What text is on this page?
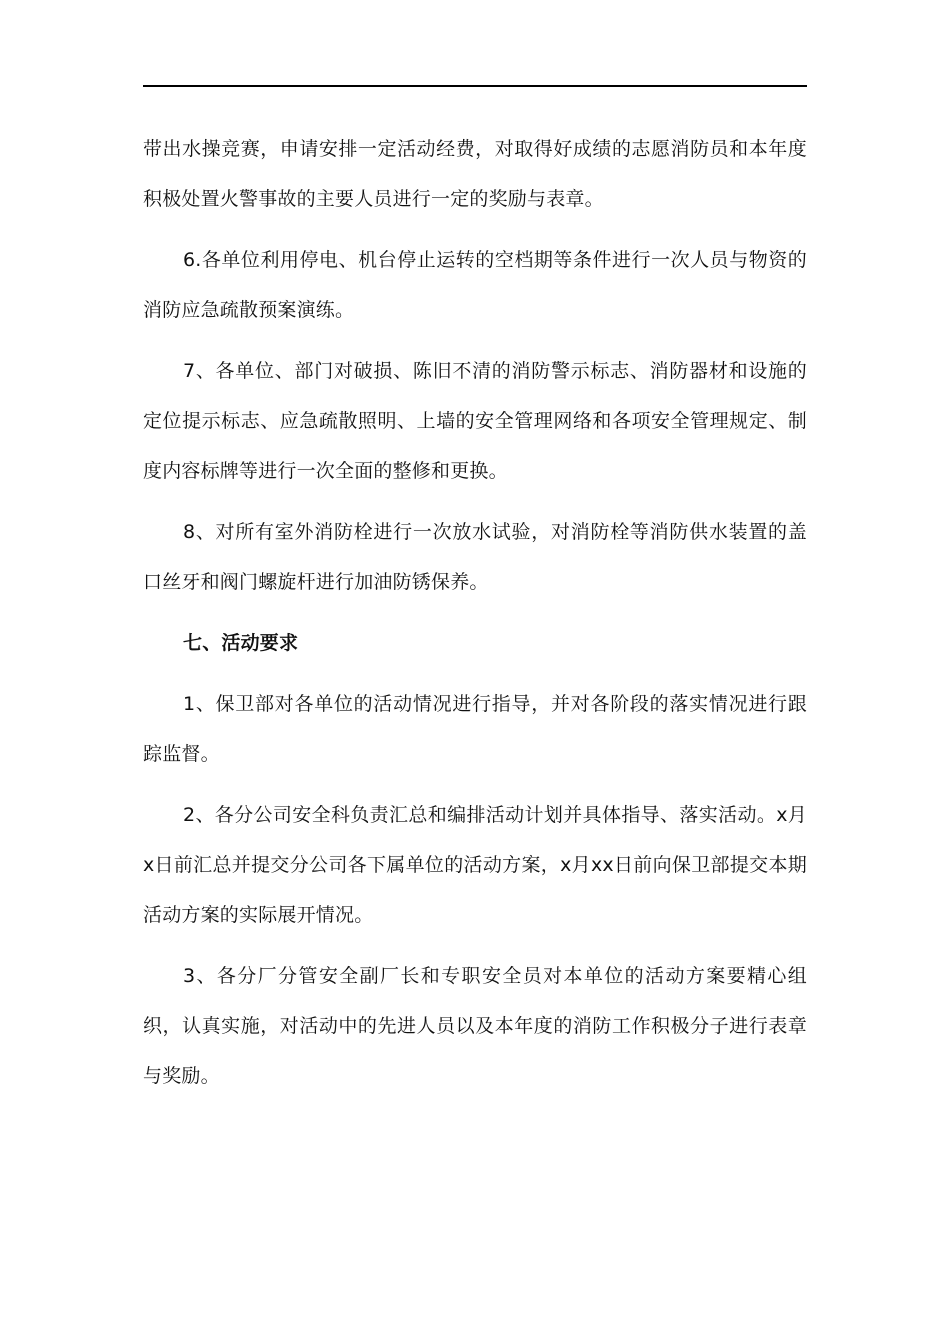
带出水操竞赛，申请安排一定活动经费，对取得好成绩的志愿消防员和本年度积极处置火警事故的主要人员进行一定的奖励与表章。

6.各单位利用停电、机台停止运转的空档期等条件进行一次人员与物资的消防应急疏散预案演练。

7、各单位、部门对破损、陈旧不清的消防警示标志、消防器材和设施的定位提示标志、应急疏散照明、上墙的安全管理网络和各项安全管理规定、制度内容标牌等进行一次全面的整修和更换。

8、对所有室外消防栓进行一次放水试验，对消防栓等消防供水装置的盖口丝牙和阀门螺旋杆进行加油防锈保养。

七、活动要求

1、保卫部对各单位的活动情况进行指导，并对各阶段的落实情况进行跟踪监督。

2、各分公司安全科负责汇总和编排活动计划并具体指导、落实活动。x月x日前汇总并提交分公司各下属单位的活动方案，x月xx日前向保卫部提交本期活动方案的实际展开情况。

3、各分厂分管安全副厂长和专职安全员对本单位的活动方案要精心组织，认真实施，对活动中的先进人员以及本年度的消防工作积极分子进行表章与奖励。
